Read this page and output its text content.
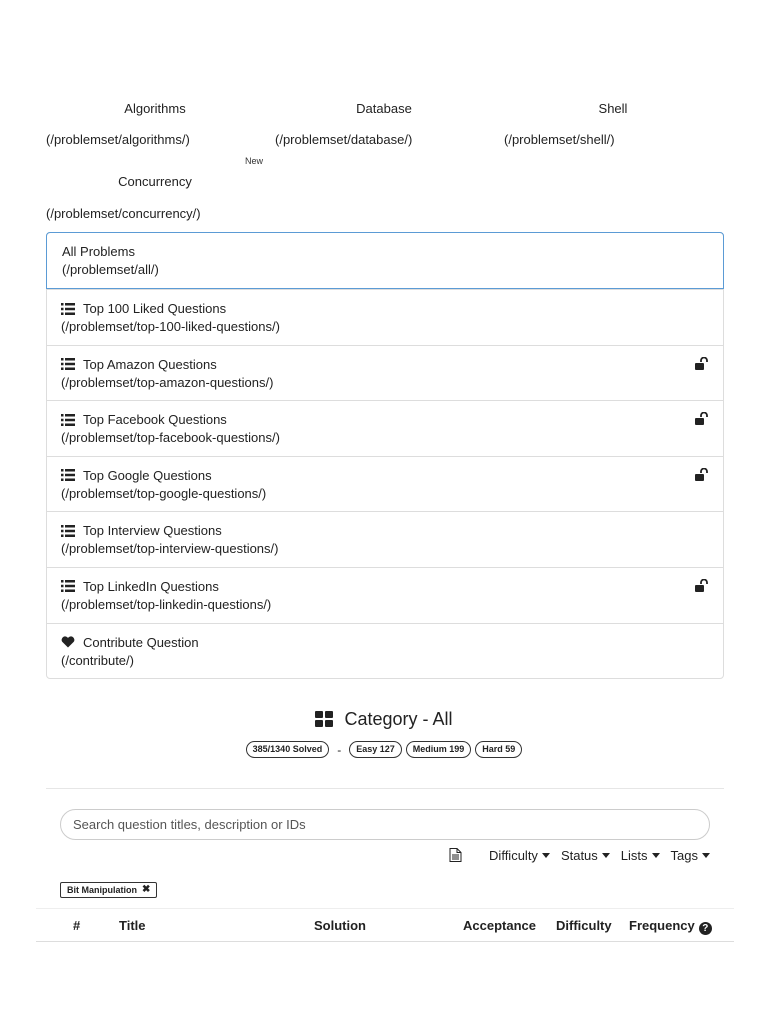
Algorithms
(/problemset/algorithms/)
Database
(/problemset/database/)
Shell
(/problemset/shell/)
New
Concurrency
(/problemset/concurrency/)
All Problems
(/problemset/all/)
Top 100 Liked Questions
(/problemset/top-100-liked-questions/)
Top Amazon Questions
(/problemset/top-amazon-questions/)
Top Facebook Questions
(/problemset/top-facebook-questions/)
Top Google Questions
(/problemset/top-google-questions/)
Top Interview Questions
(/problemset/top-interview-questions/)
Top LinkedIn Questions
(/problemset/top-linkedin-questions/)
Contribute Question
(/contribute/)
Category - All
385/1340 Solved	-	Easy 127	Medium 199	Hard 59
Search question titles, description or IDs
Difficulty Status Lists Tags
Bit Manipulation ✖
#	Title	Solution	Acceptance Difficulty Frequency ?
